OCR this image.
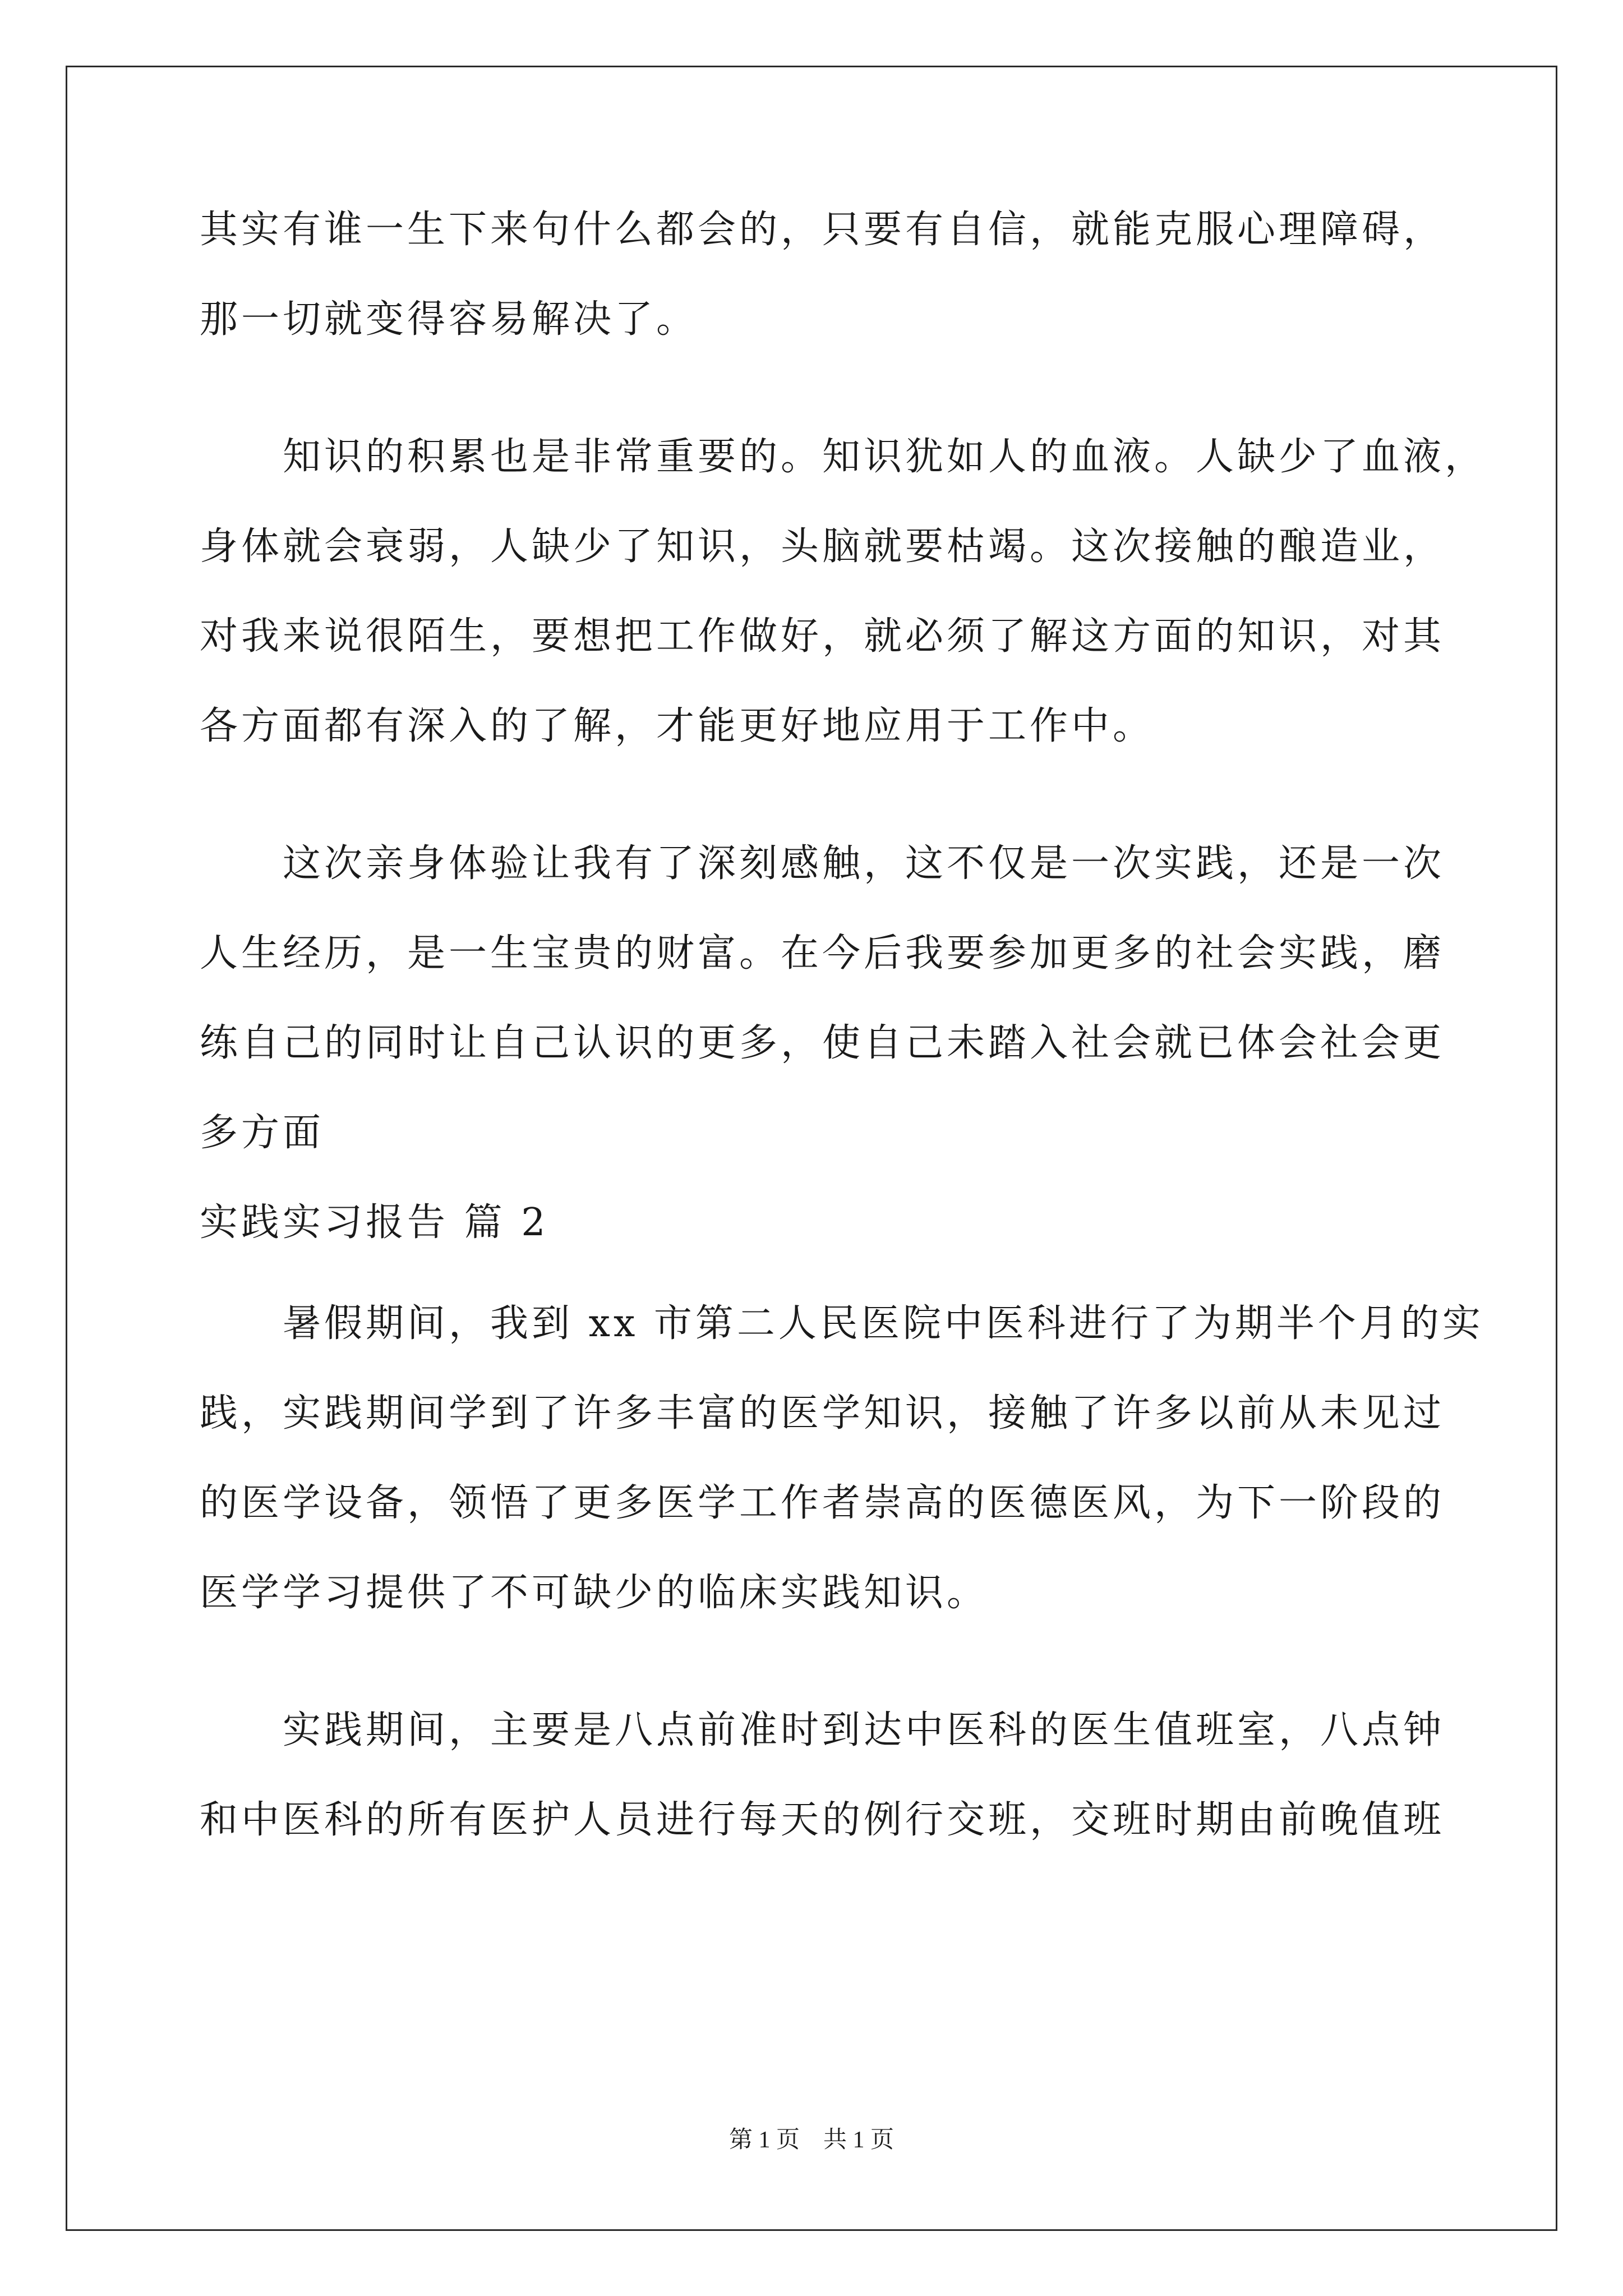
其实有谁一生下来句什么都会的，只要有自信，就能克服心理障碍，
那一切就变得容易解决了。
知识的积累也是非常重要的。知识犹如人的血液。人缺少了血液，
身体就会衰弱，人缺少了知识，头脑就要枯竭。这次接触的酿造业，
对我来说很陌生，要想把工作做好，就必须了解这方面的知识，对其
各方面都有深入的了解，才能更好地应用于工作中。
这次亲身体验让我有了深刻感触，这不仅是一次实践，还是一次
人生经历，是一生宝贵的财富。在今后我要参加更多的社会实践，磨
练自己的同时让自己认识的更多，使自己未踏入社会就已体会社会更
多方面
实践实习报告 篇 2
暑假期间，我到 xx 市第二人民医院中医科进行了为期半个月的实
践，实践期间学到了许多丰富的医学知识，接触了许多以前从未见过
的医学设备，领悟了更多医学工作者崇高的医德医风，为下一阶段的
医学学习提供了不可缺少的临床实践知识。
实践期间，主要是八点前准时到达中医科的医生值班室，八点钟
和中医科的所有医护人员进行每天的例行交班，交班时期由前晚值班
第 1 页　共 1 页
